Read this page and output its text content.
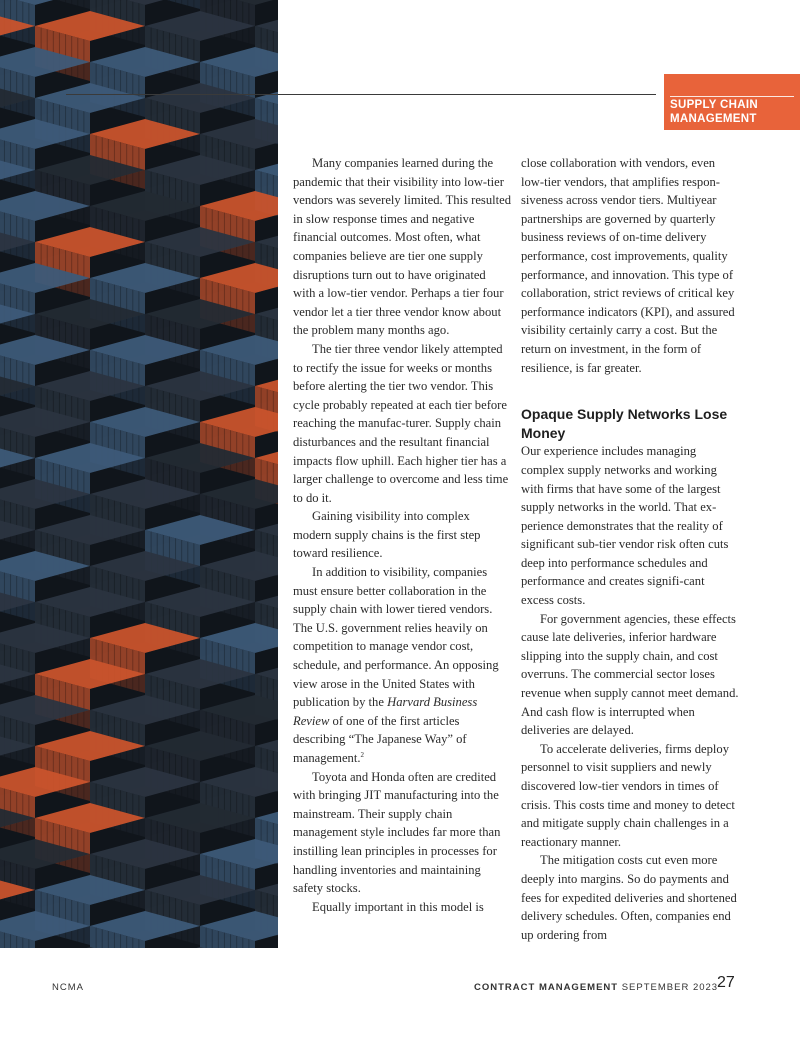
SUPPLY CHAIN MANAGEMENT

Many companies learned during the pandemic that their visibility into low-tier vendors was severely limited. This resulted in slow response times and negative financial outcomes. Most often, what companies believe are tier one supply disruptions turn out to have originated with a low-tier vendor. Perhaps a tier four vendor let a tier three vendor know about the problem many months ago.

The tier three vendor likely attempted to rectify the issue for weeks or months before alerting the tier two vendor. This cycle probably repeated at each tier before reaching the manufac-turer. Supply chain disturbances and the resultant financial impacts flow uphill. Each higher tier has a larger challenge to overcome and less time to do it.

Gaining visibility into complex modern supply chains is the first step toward resilience.

In addition to visibility, companies must ensure better collaboration in the supply chain with lower tiered vendors. The U.S. government relies heavily on competition to manage vendor cost, schedule, and performance. An opposing view arose in the United States with publication by the Harvard Business Review of one of the first articles describing “The Japanese Way” of management.$^2$

Toyota and Honda often are credited with bringing JIT manufacturing into the mainstream. Their supply chain management style includes far more than instilling lean principles in processes for handling inventories and maintaining safety stocks.

Equally important in this model is

close collaboration with vendors, even low-tier vendors, that amplifies respon-siveness across vendor tiers. Multiyear partnerships are governed by quarterly business reviews of on-time delivery performance, cost improvements, quality performance, and innovation. This type of collaboration, strict reviews of critical key performance indicators (KPI), and assured visibility certainly carry a cost. But the return on investment, in the form of resilience, is far greater.

Opaque Supply Networks Lose Money

Our experience includes managing complex supply networks and working with firms that have some of the largest supply networks in the world. That ex-perience demonstrates that the reality of significant sub-tier vendor risk often cuts deep into performance schedules and performance and creates signifi-cant excess costs.

For government agencies, these effects cause late deliveries, inferior hardware slipping into the supply chain, and cost overruns. The commercial sector loses revenue when supply cannot meet demand. And cash flow is interrupted when deliveries are delayed.

To accelerate deliveries, firms deploy personnel to visit suppliers and newly discovered low-tier vendors in times of crisis. This costs time and money to detect and mitigate supply chain challenges in a reactionary manner.

The mitigation costs cut even more deeply into margins. So do payments and fees for expedited deliveries and shortened delivery schedules. Often, companies end up ordering from

NCMA	CONTRACT MANAGEMENT SEPTEMBER 2023
27
